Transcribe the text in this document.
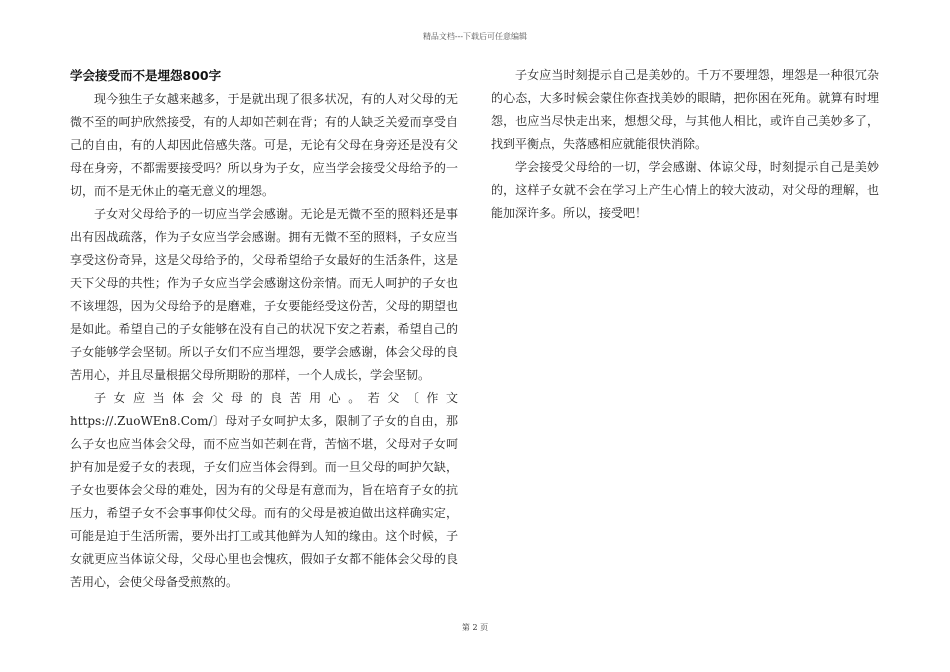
精品文档---下载后可任意编辑
学会接受而不是埋怨800字

现今独生子女越来越多，于是就出现了很多状况，有的人对父母的无微不至的呵护欣然接受，有的人却如芒刺在背；有的人缺乏关爱而享受自己的自由，有的人却因此倍感失落。可是，无论有父母在身旁还是没有父母在身旁，不都需要接受吗？所以身为子女，应当学会接受父母给予的一切，而不是无休止的毫无意义的埋怨。

子女对父母给予的一切应当学会感谢。无论是无微不至的照料还是事出有因战疏落，作为子女应当学会感谢。拥有无微不至的照料，子女应当享受这份奇异，这是父母给予的，父母希望给子女最好的生活条件，这是天下父母的共性；作为子女应当学会感谢这份亲情。而无人呵护的子女也不该埋怨，因为父母给予的是磨难，子女要能经受这份苦，父母的期望也是如此。希望自己的子女能够在没有自己的状况下安之若素，希望自己的子女能够学会坚韧。所以子女们不应当埋怨，要学会感谢，体会父母的良苦用心，并且尽量根据父母所期盼的那样，一个人成长，学会坚韧。

子女应当体会父母的良苦用心。若父〔作文https://.ZuoWEn8.Com/〕母对子女呵护太多，限制了子女的自由，那么子女也应当体会父母，而不应当如芒刺在背，苦恼不堪，父母对子女呵护有加是爱子女的表现，子女们应当体会得到。而一旦父母的呵护欠缺，子女也要体会父母的难处，因为有的父母是有意而为，旨在培育子女的抗压力，希望子女不会事事仰仗父母。而有的父母是被迫做出这样确实定，可能是迫于生活所需，要外出打工或其他鲜为人知的缘由。这个时候，子女就更应当体谅父母，父母心里也会愧疚，假如子女都不能体会父母的良苦用心，会使父母备受煎熬的。

子女应当时刻提示自己是美妙的。千万不要埋怨，埋怨是一种很冗杂的心态，大多时候会蒙住你查找美妙的眼睛，把你困在死角。就算有时埋怨，也应当尽快走出来，想想父母，与其他人相比，或许自己美妙多了，找到平衡点，失落感相应就能很快消除。

学会接受父母给的一切，学会感谢、体谅父母，时刻提示自己是美妙的，这样子女就不会在学习上产生心情上的较大波动，对父母的理解，也能加深许多。所以，接受吧！

第 2 页
